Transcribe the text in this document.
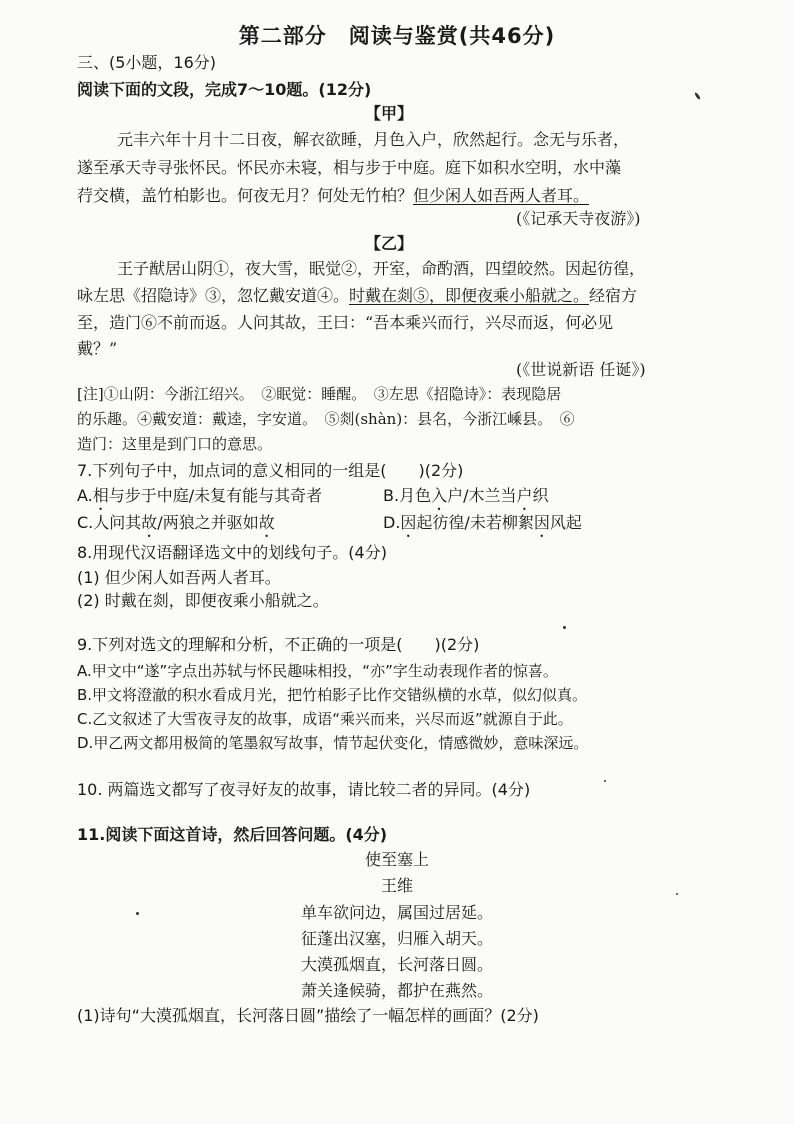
第二部分　阅读与鉴赏(共46分)
三、(5小题，16分)
阅读下面的文段，完成7～10题。(12分)
【甲】
元丰六年十月十二日夜，解衣欲睡，月色入户，欣然起行。念无与乐者，
遂至承天寺寻张怀民。怀民亦未寝，相与步于中庭。庭下如积水空明，水中藻
荇交横，盖竹柏影也。何夜无月？何处无竹柏？但少闲人如吾两人者耳。
(《记承天寺夜游》)
【乙】
王子猷居山阴①，夜大雪，眠觉②，开室，命酌酒，四望皎然。因起彷徨，
咏左思《招隐诗》③，忽忆戴安道④。时戴在剡⑤，即便夜乘小船就之。经宿方
至，造门⑥不前而返。人问其故，王曰：“吾本乘兴而行，兴尽而返，何必见
戴？”
(《世说新语 任诞》)
[注]①山阴：今浙江绍兴。　②眠觉：睡醒。　③左思《招隐诗》：表现隐居
的乐趣。④戴安道：戴逵，字安道。　⑤剡(shàn)：县名，今浙江嵊县。　⑥
造门：这里是到门口的意思。
7.下列句子中，加点词的意义相同的一组是(　　)(2分)
A.相与步于中庭/未复有能与其奇者	B.月色入户/木兰当户织
C.人问其故/两狼之并驱如故	D.因起彷徨/未若柳絮因风起
8.用现代汉语翻译选文中的划线句子。(4分)
(1) 但少闲人如吾两人者耳。
(2) 时戴在剡，即便夜乘小船就之。
9.下列对选文的理解和分析，不正确的一项是(　　)(2分)
A.甲文中“遂”字点出苏轼与怀民趣味相投，“亦”字生动表现作者的惊喜。
B.甲文将澄澈的积水看成月光，把竹柏影子比作交错纵横的水草，似幻似真。
C.乙文叙述了大雪夜寻友的故事，成语“乘兴而来，兴尽而返”就源自于此。
D.甲乙两文都用极简的笔墨叙写故事，情节起伏变化，情感微妙，意味深远。
10. 两篇选文都写了夜寻好友的故事，请比较二者的异同。(4分)
11.阅读下面这首诗，然后回答问题。(4分)
使至塞上
王维
单车欲问边，属国过居延。
征蓬出汉塞，归雁入胡天。
大漠孤烟直，长河落日圆。
萧关逢候骑，都护在燕然。
(1)诗句“大漠孤烟直，长河落日圆”描绘了一幅怎样的画面？(2分)
